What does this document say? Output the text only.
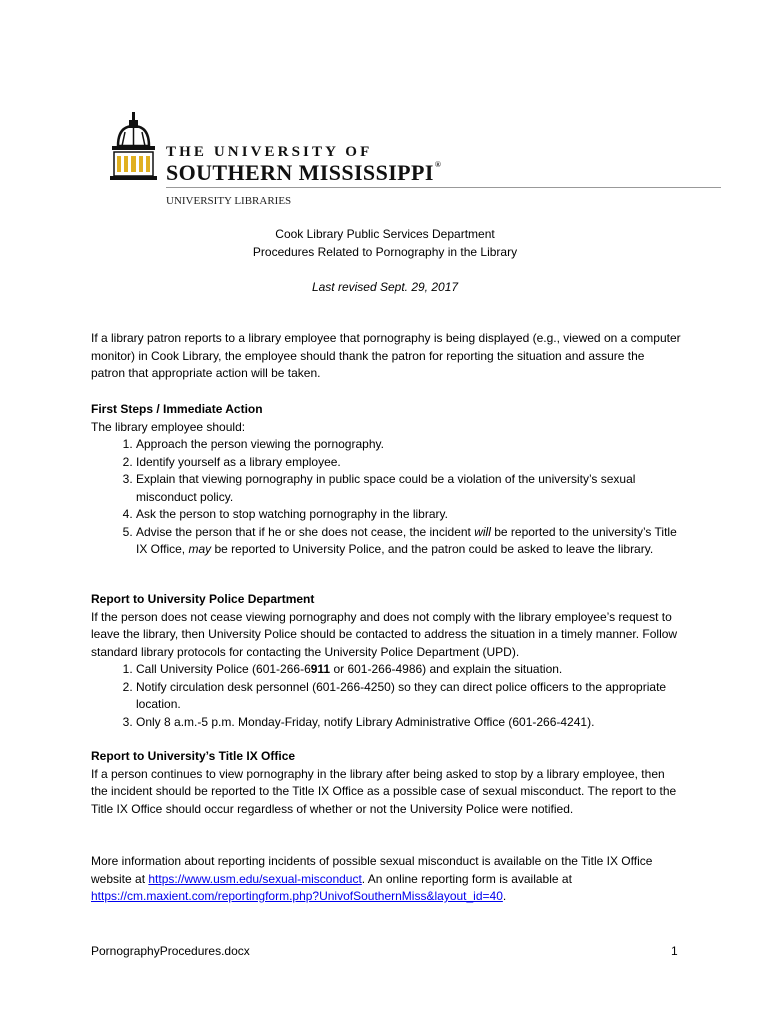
THE UNIVERSITY OF
SOUTHERN MISSISSIPPI®
UNIVERSITY LIBRARIES
Cook Library Public Services Department
Procedures Related to Pornography in the Library
Last revised Sept. 29, 2017
If a library patron reports to a library employee that pornography is being displayed (e.g., viewed on a computer monitor) in Cook Library, the employee should thank the patron for reporting the situation and assure the patron that appropriate action will be taken.
First Steps / Immediate Action
The library employee should:
1. Approach the person viewing the pornography.
2. Identify yourself as a library employee.
3. Explain that viewing pornography in public space could be a violation of the university’s sexual misconduct policy.
4. Ask the person to stop watching pornography in the library.
5. Advise the person that if he or she does not cease, the incident will be reported to the university’s Title IX Office, may be reported to University Police, and the patron could be asked to leave the library.
Report to University Police Department
If the person does not cease viewing pornography and does not comply with the library employee’s request to leave the library, then University Police should be contacted to address the situation in a timely manner. Follow standard library protocols for contacting the University Police Department (UPD).
1. Call University Police (601-266-6911 or 601-266-4986) and explain the situation.
2. Notify circulation desk personnel (601-266-4250) so they can direct police officers to the appropriate location.
3. Only 8 a.m.-5 p.m. Monday-Friday, notify Library Administrative Office (601-266-4241).
Report to University’s Title IX Office
If a person continues to view pornography in the library after being asked to stop by a library employee, then the incident should be reported to the Title IX Office as a possible case of sexual misconduct. The report to the Title IX Office should occur regardless of whether or not the University Police were notified.
More information about reporting incidents of possible sexual misconduct is available on the Title IX Office website at https://www.usm.edu/sexual-misconduct. An online reporting form is available at https://cm.maxient.com/reportingform.php?UnivofSouthernMiss&layout_id=40.
PornographyProcedures.docx	1
